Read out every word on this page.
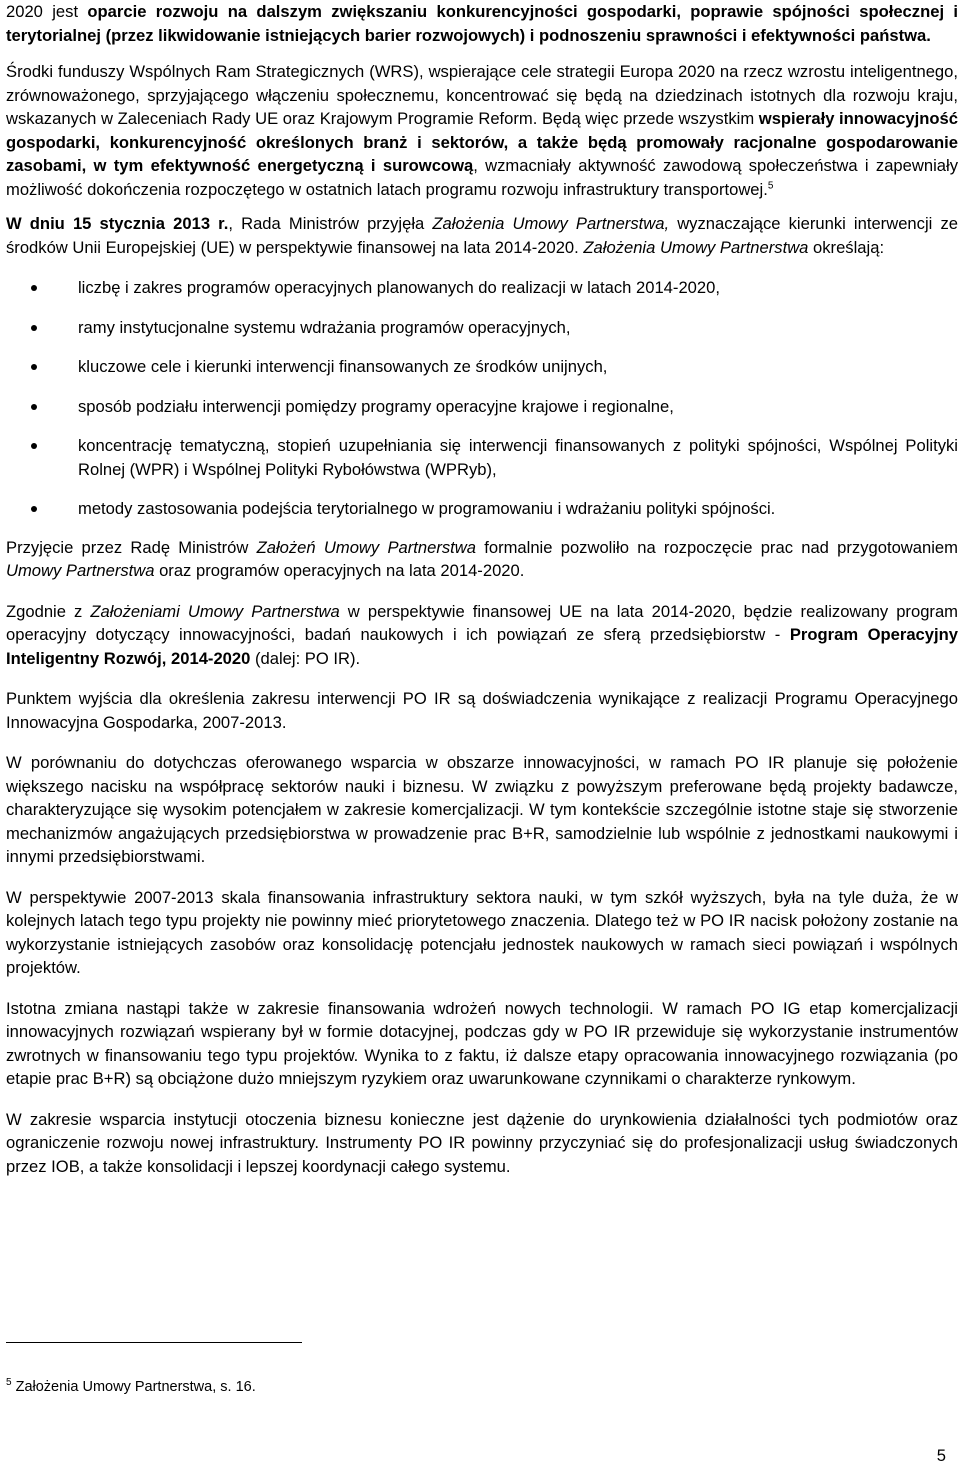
2020 jest oparcie rozwoju na dalszym zwiększaniu konkurencyjności gospodarki, poprawie spójności społecznej i terytorialnej (przez likwidowanie istniejących barier rozwojowych) i podnoszeniu sprawności i efektywności państwa.

Środki funduszy Wspólnych Ram Strategicznych (WRS), wspierające cele strategii Europa 2020 na rzecz wzrostu inteligentnego, zrównoważonego, sprzyjającego włączeniu społecznemu, koncentrować się będą na dziedzinach istotnych dla rozwoju kraju, wskazanych w Zaleceniach Rady UE oraz Krajowym Programie Reform. Będą więc przede wszystkim wspierały innowacyjność gospodarki, konkurencyjność określonych branż i sektorów, a także będą promowały racjonalne gospodarowanie zasobami, w tym efektywność energetyczną i surowcową, wzmacniały aktywność zawodową społeczeństwa i zapewniały możliwość dokończenia rozpoczętego w ostatnich latach programu rozwoju infrastruktury transportowej.$^5$

W dniu 15 stycznia 2013 r., Rada Ministrów przyjęła Założenia Umowy Partnerstwa, wyznaczające kierunki interwencji ze środków Unii Europejskiej (UE) w perspektywie finansowej na lata 2014-2020. Założenia Umowy Partnerstwa określają:

liczbę i zakres programów operacyjnych planowanych do realizacji w latach 2014-2020,
ramy instytucjonalne systemu wdrażania programów operacyjnych,
kluczowe cele i kierunki interwencji finansowanych ze środków unijnych,
sposób podziału interwencji pomiędzy programy operacyjne krajowe i regionalne,
koncentrację tematyczną, stopień uzupełniania się interwencji finansowanych z polityki spójności, Wspólnej Polityki Rolnej (WPR) i Wspólnej Polityki Rybołówstwa (WPRyb),
metody zastosowania podejścia terytorialnego w programowaniu i wdrażaniu polityki spójności.

Przyjęcie przez Radę Ministrów Założeń Umowy Partnerstwa formalnie pozwoliło na rozpoczęcie prac nad przygotowaniem Umowy Partnerstwa oraz programów operacyjnych na lata 2014-2020.

Zgodnie z Założeniami Umowy Partnerstwa w perspektywie finansowej UE na lata 2014-2020, będzie realizowany program operacyjny dotyczący innowacyjności, badań naukowych i ich powiązań ze sferą przedsiębiorstw - Program Operacyjny Inteligentny Rozwój, 2014-2020 (dalej: PO IR).

Punktem wyjścia dla określenia zakresu interwencji PO IR są doświadczenia wynikające z realizacji Programu Operacyjnego Innowacyjna Gospodarka, 2007-2013.

W porównaniu do dotychczas oferowanego wsparcia w obszarze innowacyjności, w ramach PO IR planuje się położenie większego nacisku na współpracę sektorów nauki i biznesu. W związku z powyższym preferowane będą projekty badawcze, charakteryzujące się wysokim potencjałem w zakresie komercjalizacji. W tym kontekście szczególnie istotne staje się stworzenie mechanizmów angażujących przedsiębiorstwa w prowadzenie prac B+R, samodzielnie lub wspólnie z jednostkami naukowymi i innymi przedsiębiorstwami.

W perspektywie 2007-2013 skala finansowania infrastruktury sektora nauki, w tym szkół wyższych, była na tyle duża, że w kolejnych latach tego typu projekty nie powinny mieć priorytetowego znaczenia. Dlatego też w PO IR nacisk położony zostanie na wykorzystanie istniejących zasobów oraz konsolidację potencjału jednostek naukowych w ramach sieci powiązań i wspólnych projektów.

Istotna zmiana nastąpi także w zakresie finansowania wdrożeń nowych technologii. W ramach PO IG etap komercjalizacji innowacyjnych rozwiązań wspierany był w formie dotacyjnej, podczas gdy w PO IR przewiduje się wykorzystanie instrumentów zwrotnych w finansowaniu tego typu projektów. Wynika to z faktu, iż dalsze etapy opracowania innowacyjnego rozwiązania (po etapie prac B+R) są obciążone dużo mniejszym ryzykiem oraz uwarunkowane czynnikami o charakterze rynkowym.

W zakresie wsparcia instytucji otoczenia biznesu konieczne jest dążenie do urynkowienia działalności tych podmiotów oraz ograniczenie rozwoju nowej infrastruktury. Instrumenty PO IR powinny przyczyniać się do profesjonalizacji usług świadczonych przez IOB, a także konsolidacji i lepszej koordynacji całego systemu.

$^5$ Założenia Umowy Partnerstwa, s. 16.
5
